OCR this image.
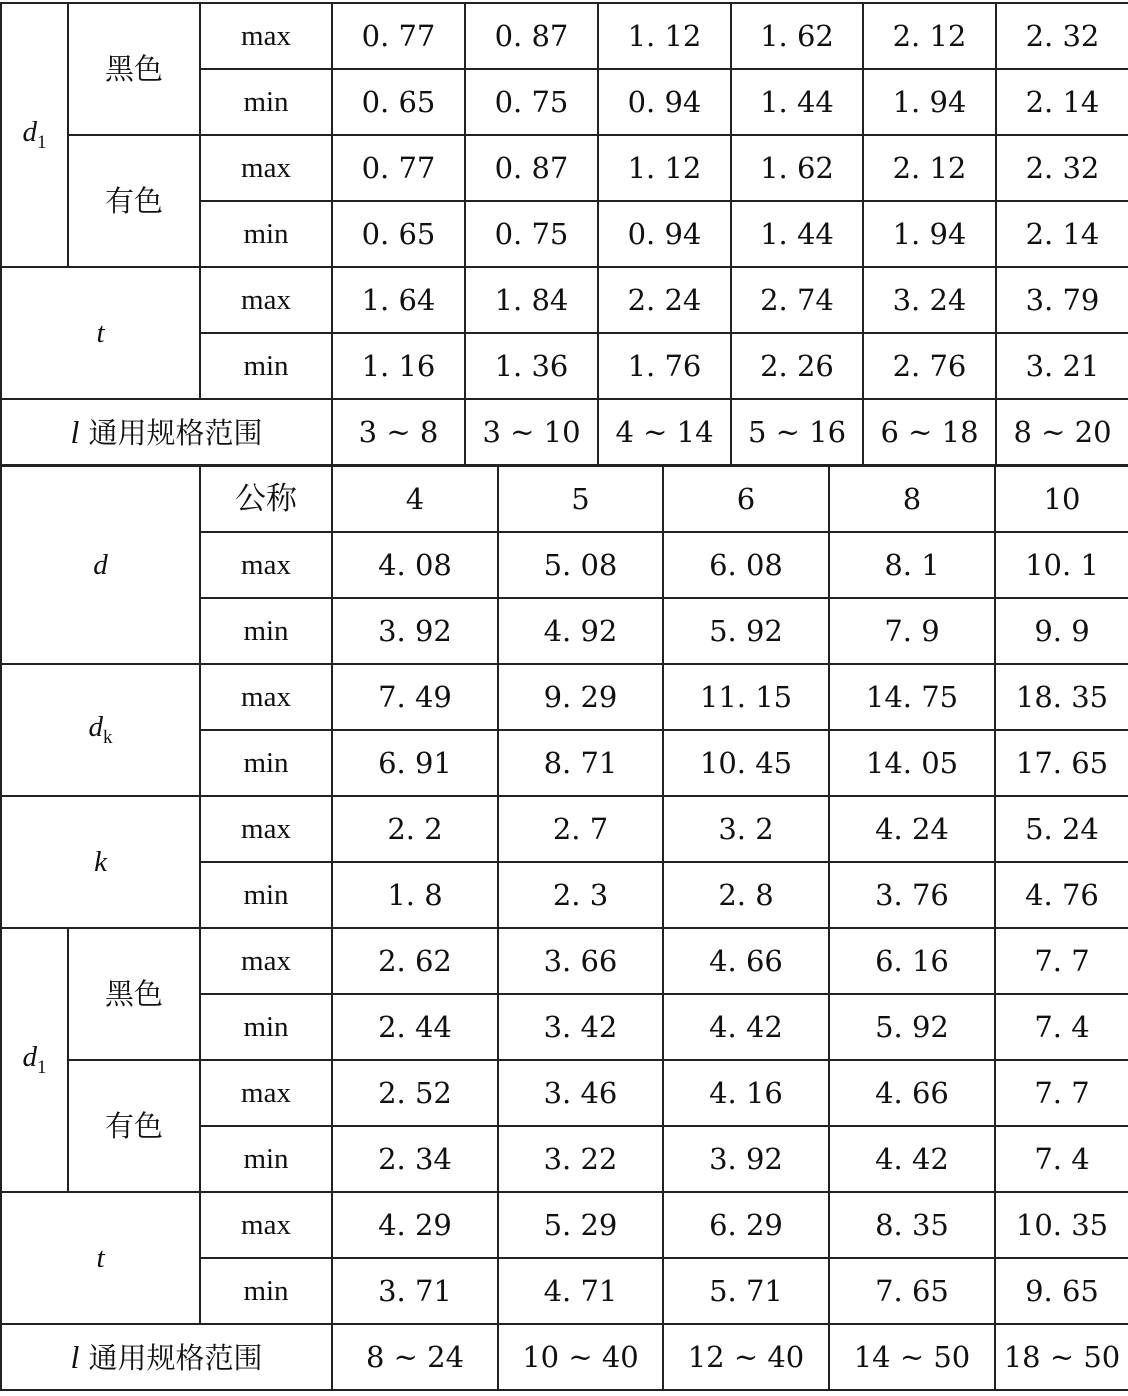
$d_1$	黑色	max	0. 77	0. 87	1. 12	1. 62	2. 12	2. 32
		min	0. 65	0. 75	0. 94	1. 44	1. 94	2. 14
	有色	max	0. 77	0. 87	1. 12	1. 62	2. 12	2. 32
		min	0. 65	0. 75	0. 94	1. 44	1. 94	2. 14
t		max	1. 64	1. 84	2. 24	2. 74	3. 24	3. 79
		min	1. 16	1. 36	1. 76	2. 26	2. 76	3. 21
l 通用规格范围			3 ~ 8	3 ~ 10	4 ~ 14	5 ~ 16	6 ~ 18	8 ~ 20
d		公称	4	5	6	8	10
		max	4. 08	5. 08	6. 08	8. 1	10. 1
		min	3. 92	4. 92	5. 92	7. 9	9. 9
$d_k$		max	7. 49	9. 29	11. 15	14. 75	18. 35
		min	6. 91	8. 71	10. 45	14. 05	17. 65
k		max	2. 2	2. 7	3. 2	4. 24	5. 24
		min	1. 8	2. 3	2. 8	3. 76	4. 76
$d_1$	黑色	max	2. 62	3. 66	4. 66	6. 16	7. 7
		min	2. 44	3. 42	4. 42	5. 92	7. 4
	有色	max	2. 52	3. 46	4. 16	4. 66	7. 7
		min	2. 34	3. 22	3. 92	4. 42	7. 4
t		max	4. 29	5. 29	6. 29	8. 35	10. 35
		min	3. 71	4. 71	5. 71	7. 65	9. 65
l 通用规格范围			8 ~ 24	10 ~ 40	12 ~ 40	14 ~ 50	18 ~ 50
